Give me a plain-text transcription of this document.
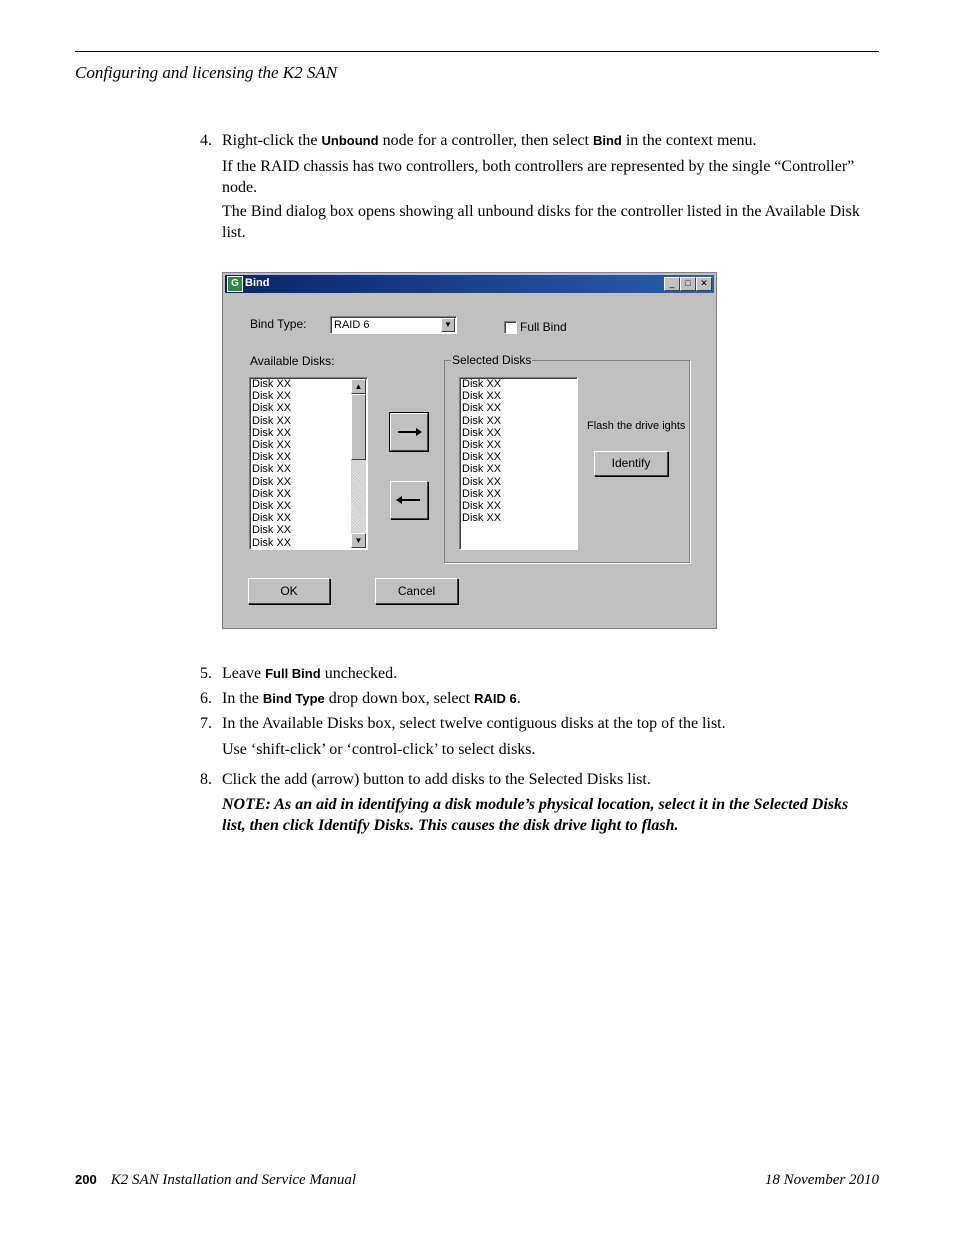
Configuring and licensing the K2 SAN
4. Right-click the Unbound node for a controller, then select Bind in the context menu.
If the RAID chassis has two controllers, both controllers are represented by the single “Controller” node.
The Bind dialog box opens showing all unbound disks for the controller listed in the Available Disk list.
G Bind	_	□	✕
Bind Type:	RAID 6	▼	Full Bind
Available Disks:
Disk XX
Disk XX
Disk XX
Disk XX
Disk XX
Disk XX
Disk XX
Disk XX
Disk XX
Disk XX
Disk XX
Disk XX
Disk XX
Disk XX
▲
▼
Selected Disks
Disk XX
Disk XX
Disk XX
Disk XX
Disk XX
Disk XX
Disk XX
Disk XX
Disk XX
Disk XX
Disk XX
Disk XX
Flash the drive ights
Identify
OK	Cancel
5. Leave Full Bind unchecked.
6. In the Bind Type drop down box, select RAID 6.
7. In the Available Disks box, select twelve contiguous disks at the top of the list.
Use ‘shift-click’ or ‘control-click’ to select disks.
8. Click the add (arrow) button to add disks to the Selected Disks list.
NOTE: As an aid in identifying a disk module’s physical location, select it in the Selected Disks list, then click Identify Disks. This causes the disk drive light to flash.
200 K2 SAN Installation and Service Manual	18 November 2010
